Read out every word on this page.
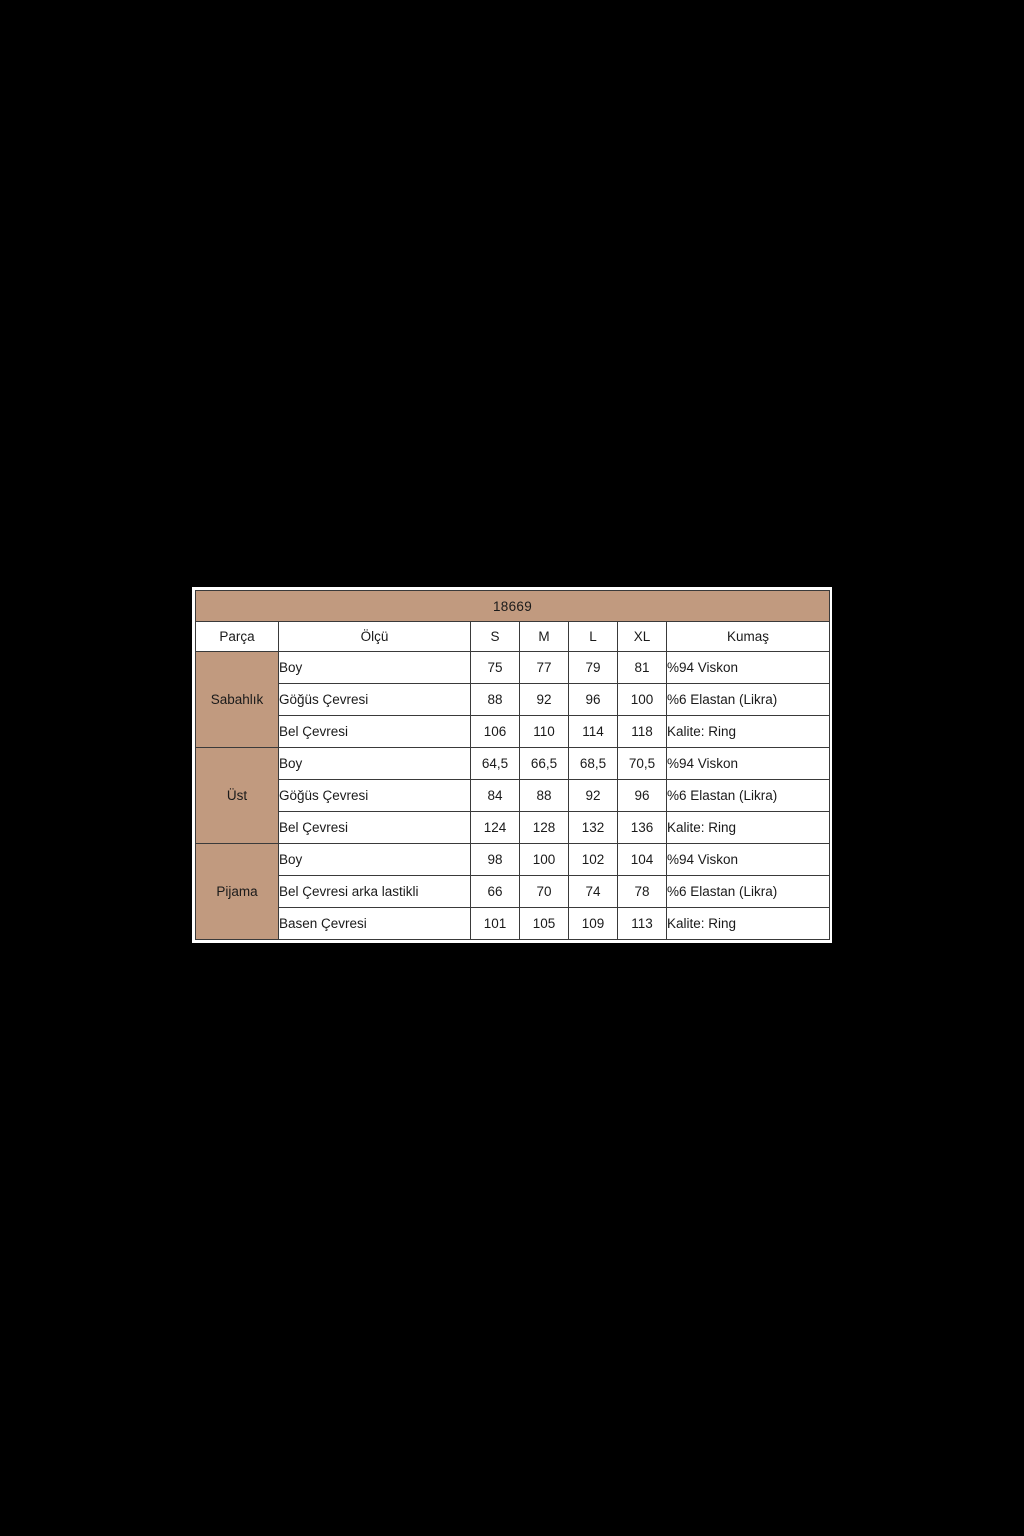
18669						
Parça	Ölçü	S	M	L	XL	Kumaş
Sabahlık	Boy	75	77	79	81	%94 Viskon
	Göğüs Çevresi	88	92	96	100	%6 Elastan (Likra)
	Bel Çevresi	106	110	114	118	Kalite: Ring
Üst	Boy	64,5	66,5	68,5	70,5	%94 Viskon
	Göğüs Çevresi	84	88	92	96	%6 Elastan (Likra)
	Bel Çevresi	124	128	132	136	Kalite: Ring
Pijama	Boy	98	100	102	104	%94 Viskon
	Bel Çevresi arka lastikli	66	70	74	78	%6 Elastan (Likra)
	Basen Çevresi	101	105	109	113	Kalite: Ring
